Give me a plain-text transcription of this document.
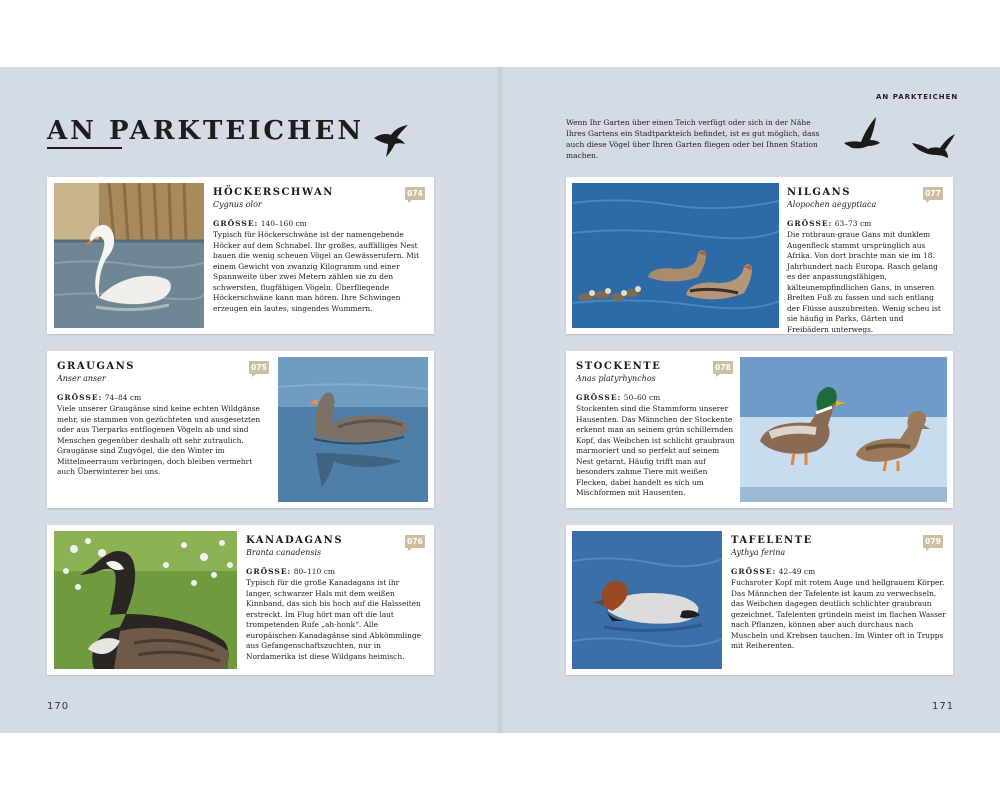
AN PARKTEICHEN
074

HÖCKERSCHWAN

Cygnus olor

GRÖSSE: 140–160 cm

Typisch für Höckerschwäne ist der namengebende Höcker auf dem Schnabel. Ihr großes, auffälliges Nest bauen die wenig scheuen Vögel an Gewässerufern. Mit einem Gewicht von zwanzig Kilogramm und einer Spannweite über zwei Metern zählen sie zu den schwersten, flugfähigen Vögeln. Überfliegende Höckerschwäne kann man hören. Ihre Schwingen erzeugen ein lautes, singendes Wummern.

GRAUGANS

Anser anser

GRÖSSE: 74–84 cm

Viele unserer Graugänse sind keine echten Wildgänse mehr, sie stammen von gezüchteten und ausgesetzten oder aus Tierparks entflogenen Vögeln ab und sind Menschen gegenüber deshalb oft sehr zutraulich. Graugänse sind Zugvögel, die den Winter im Mittelmeerraum verbringen, doch bleiben vermehrt auch Überwinterer bei uns.

075
076

KANADAGANS

Branta canadensis

GRÖSSE: 80–110 cm

Typisch für die große Kanadagans ist ihr langer, schwarzer Hals mit dem weißen Kinnband, das sich bis hoch auf die Halsseiten erstreckt. Im Flug hört man oft die laut trompetenden Rufe „ah-honk“. Alle europäischen Kanadagänse sind Abkömmlinge aus Gefangenschaftszuchten, nur in Nordamerika ist diese Wildgans heimisch.

170
AN PARKTEICHEN

Wenn Ihr Garten über einen Teich verfügt oder sich in der Nähe Ihres Gartens ein Stadtparkteich befindet, ist es gut möglich, dass auch diese Vögel über Ihren Garten fliegen oder bei Ihnen Station machen.

077

NILGANS

Alopochen aegyptiaca

GRÖSSE: 63–73 cm

Die rotbraun-graue Gans mit dunklem Augenfleck stammt ursprünglich aus Afrika. Von dort brachte man sie im 18. Jahrhundert nach Europa. Rasch gelang es der anpassungsfähigen, kälteunempfindlichen Gans, in unseren Breiten Fuß zu fassen und sich entlang der Flüsse auszubreiten. Wenig scheu ist sie häufig in Parks, Gärten und Freibädern unterwegs.

STOCKENTE

Anas platyrhynchos

GRÖSSE: 50–60 cm

Stockenten sind die Stammform unserer Hausenten. Das Männchen der Stockente erkennt man an seinem grün schillernden Kopf, das Weibchen ist schlicht graubraun marmoriert und so perfekt auf seinem Nest getarnt. Häufig trifft man auf besonders zahme Tiere mit weißen Flecken, dabei handelt es sich um Mischformen mit Hausenten.

078
079

TAFELENTE

Aythya ferina

GRÖSSE: 42–49 cm

Fuchsroter Kopf mit rotem Auge und hellgrauem Körper. Das Männchen der Tafelente ist kaum zu verwechseln, das Weibchen dagegen deutlich schlichter graubraun gezeichnet. Tafelenten gründeln meist im flachen Wasser nach Pflanzen, können aber auch durchaus nach Muscheln und Krebsen tauchen. Im Winter oft in Trupps mit Reiherenten.

171
